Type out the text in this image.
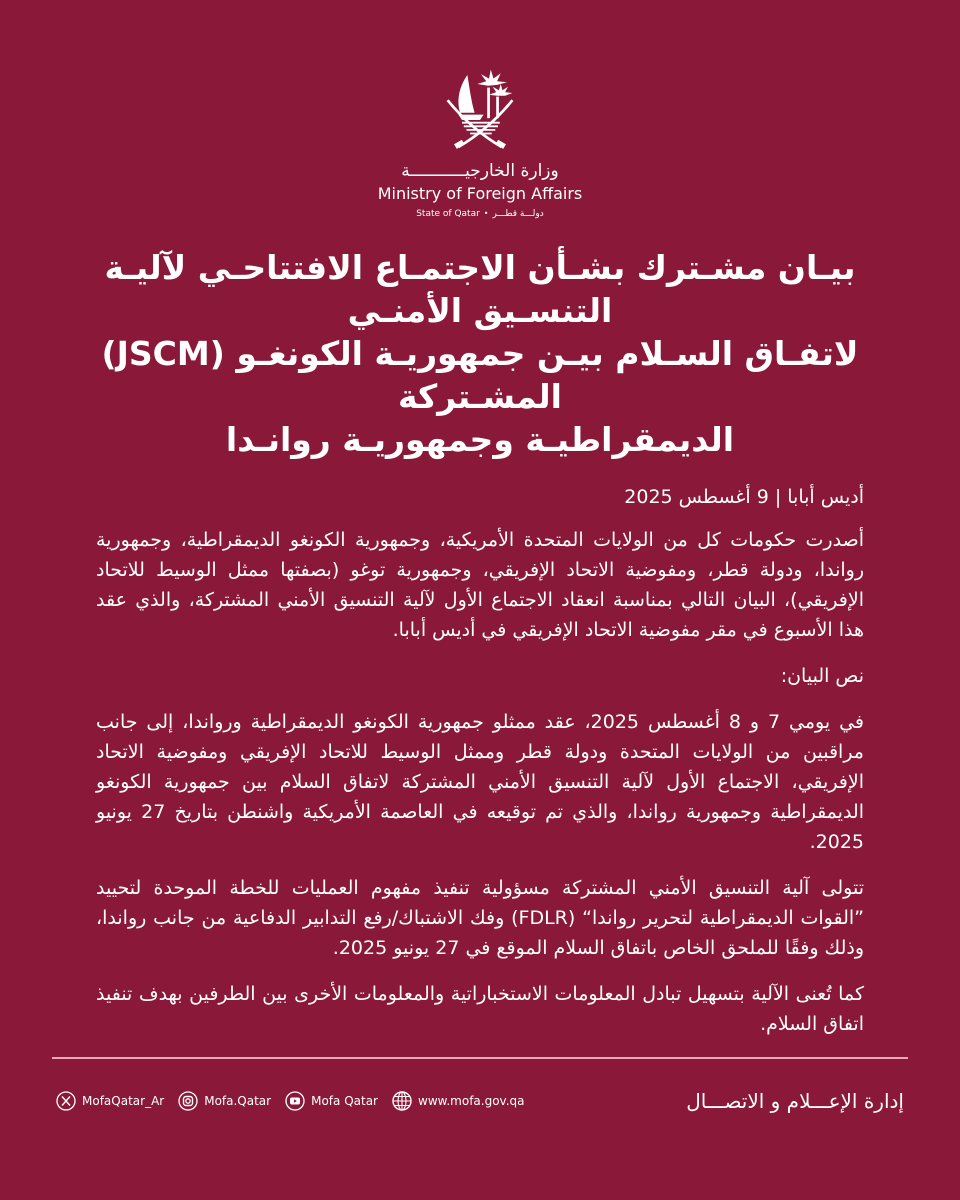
وزارة الخارجيـــــــــــة
Ministry of Foreign Affairs
State of Qatar • دولـــة قطـــر
بيـان مشـترك بشـأن الاجتمـاع الافتتاحـي لآليـة التنسـيق الأمنـي
لاتفـاق السـلام بيـن جمهوريـة الكونغـو (JSCM) المشـتركة
الديمقراطيـة وجمهوريـة روانـدا
أديس أبابا | 9 أغسطس 2025

أصدرت حكومات كل من الولايات المتحدة الأمريكية، وجمهورية الكونغو الديمقراطية، وجمهورية رواندا، ودولة قطر، ومفوضية الاتحاد الإفريقي، وجمهورية توغو (بصفتها ممثل الوسيط للاتحاد الإفريقي)، البيان التالي بمناسبة انعقاد الاجتماع الأول لآلية التنسيق الأمني المشتركة، والذي عقد هذا الأسبوع في مقر مفوضية الاتحاد الإفريقي في أديس أبابا.

نص البيان:

في يومي 7 و 8 أغسطس 2025، عقد ممثلو جمهورية الكونغو الديمقراطية ورواندا، إلى جانب مراقبين من الولايات المتحدة ودولة قطر وممثل الوسيط للاتحاد الإفريقي ومفوضية الاتحاد الإفريقي، الاجتماع الأول لآلية التنسيق الأمني المشتركة لاتفاق السلام بين جمهورية الكونغو الديمقراطية وجمهورية رواندا، والذي تم توقيعه في العاصمة الأمريكية واشنطن بتاريخ 27 يونيو 2025.

تتولى آلية التنسيق الأمني المشتركة مسؤولية تنفيذ مفهوم العمليات للخطة الموحدة لتحييد ”القوات الديمقراطية لتحرير رواندا“ (FDLR) وفك الاشتباك/رفع التدابير الدفاعية من جانب رواندا، وذلك وفقًا للملحق الخاص باتفاق السلام الموقع في 27 يونيو 2025.

كما تُعنى الآلية بتسهيل تبادل المعلومات الاستخباراتية والمعلومات الأخرى بين الطرفين بهدف تنفيذ اتفاق السلام.

MofaQatar_Ar	Mofa.Qatar	Mofa Qatar	www.mofa.gov.qa	إدارة الإعـــلام و الاتصـــال
